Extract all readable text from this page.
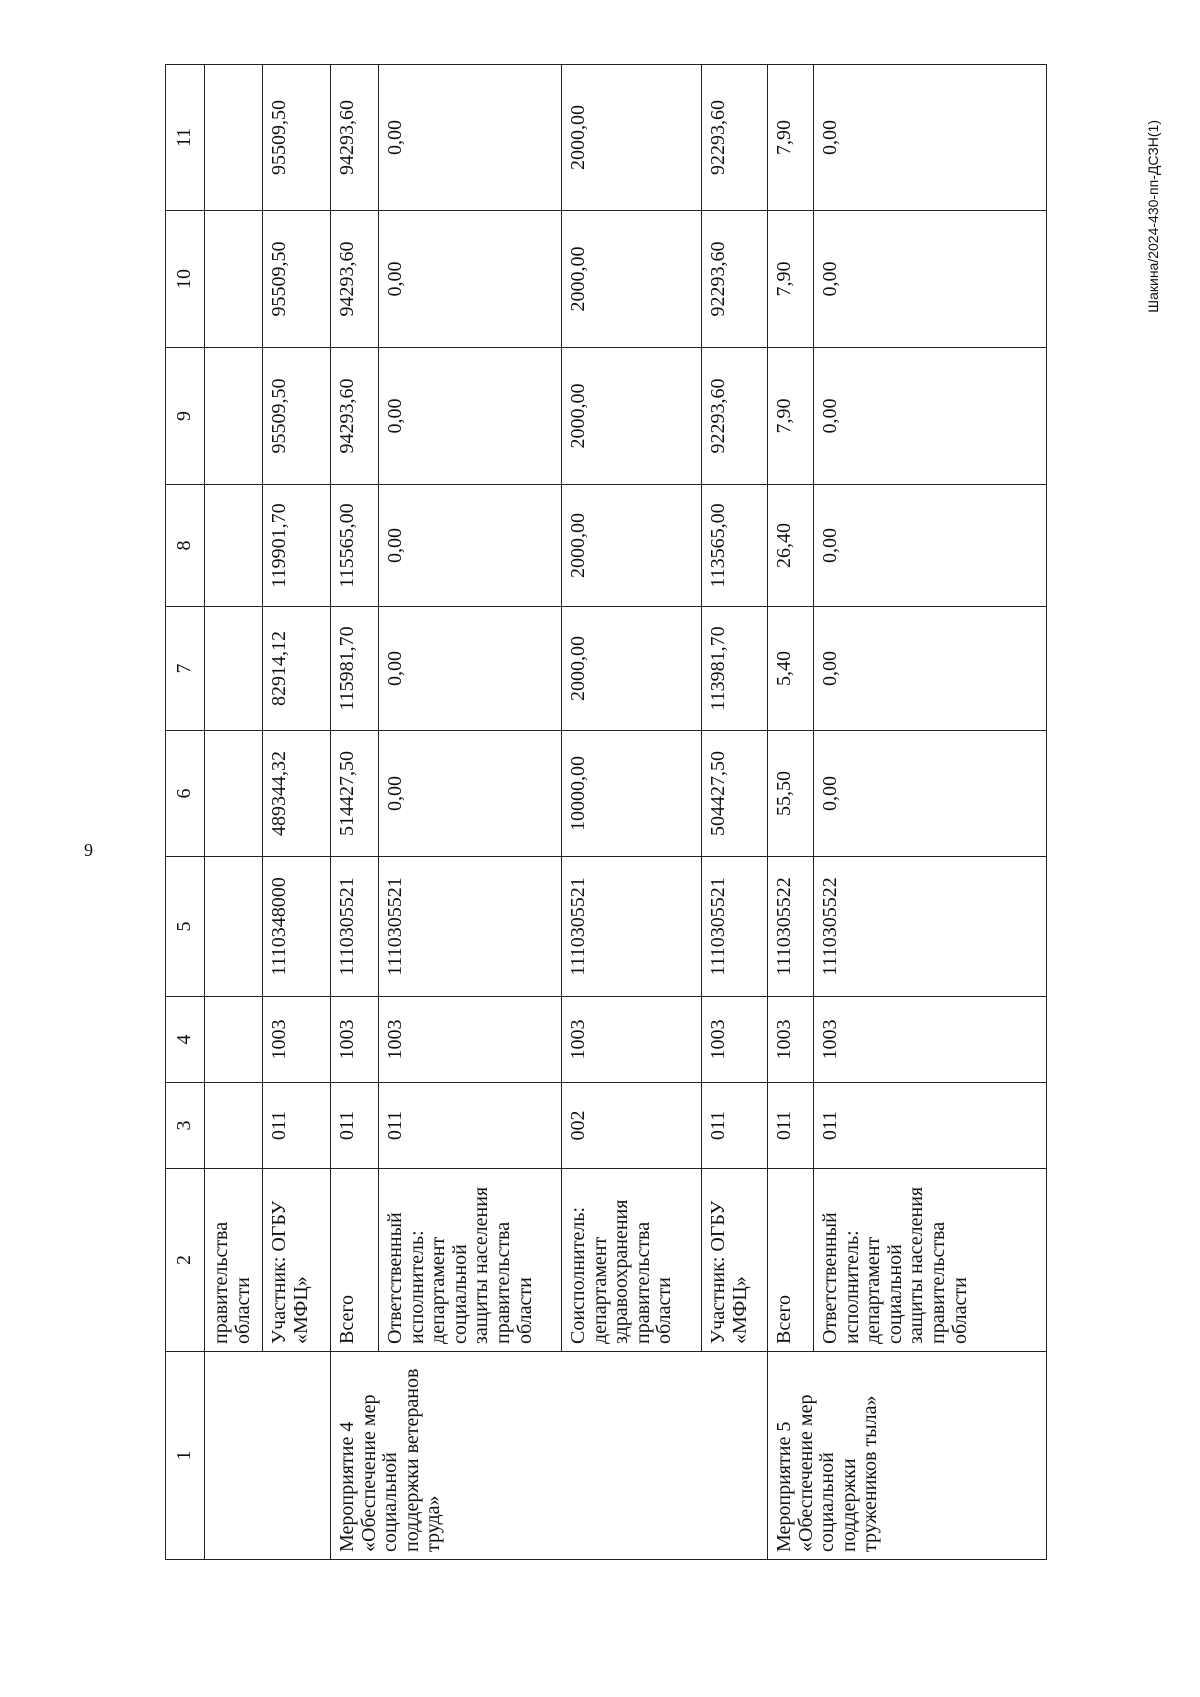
9
Шакина/2024-430-пп-ДСЗН(1)
1	2	3	4	5	6	7	8	9	10	11
	правительства области									
	Участник: ОГБУ «МФЦ»	011	1003	1110348000	489344,32	82914,12	119901,70	95509,50	95509,50	95509,50
Мероприятие 4 «Обеспечение мер социальной поддержки ветеранов труда»	Всего	011	1003	1110305521	514427,50	115981,70	115565,00	94293,60	94293,60	94293,60
	Ответственный исполнитель: департамент социальной защиты населения правительства области	011	1003	1110305521	0,00	0,00	0,00	0,00	0,00	0,00
	Соисполнитель: департамент здравоохранения правительства области	002	1003	1110305521	10000,00	2000,00	2000,00	2000,00	2000,00	2000,00
	Участник: ОГБУ «МФЦ»	011	1003	1110305521	504427,50	113981,70	113565,00	92293,60	92293,60	92293,60
Мероприятие 5 «Обеспечение мер социальной поддержки тружеников тыла»	Всего	011	1003	1110305522	55,50	5,40	26,40	7,90	7,90	7,90
	Ответственный исполнитель: департамент социальной защиты населения правительства области	011	1003	1110305522	0,00	0,00	0,00	0,00	0,00	0,00
